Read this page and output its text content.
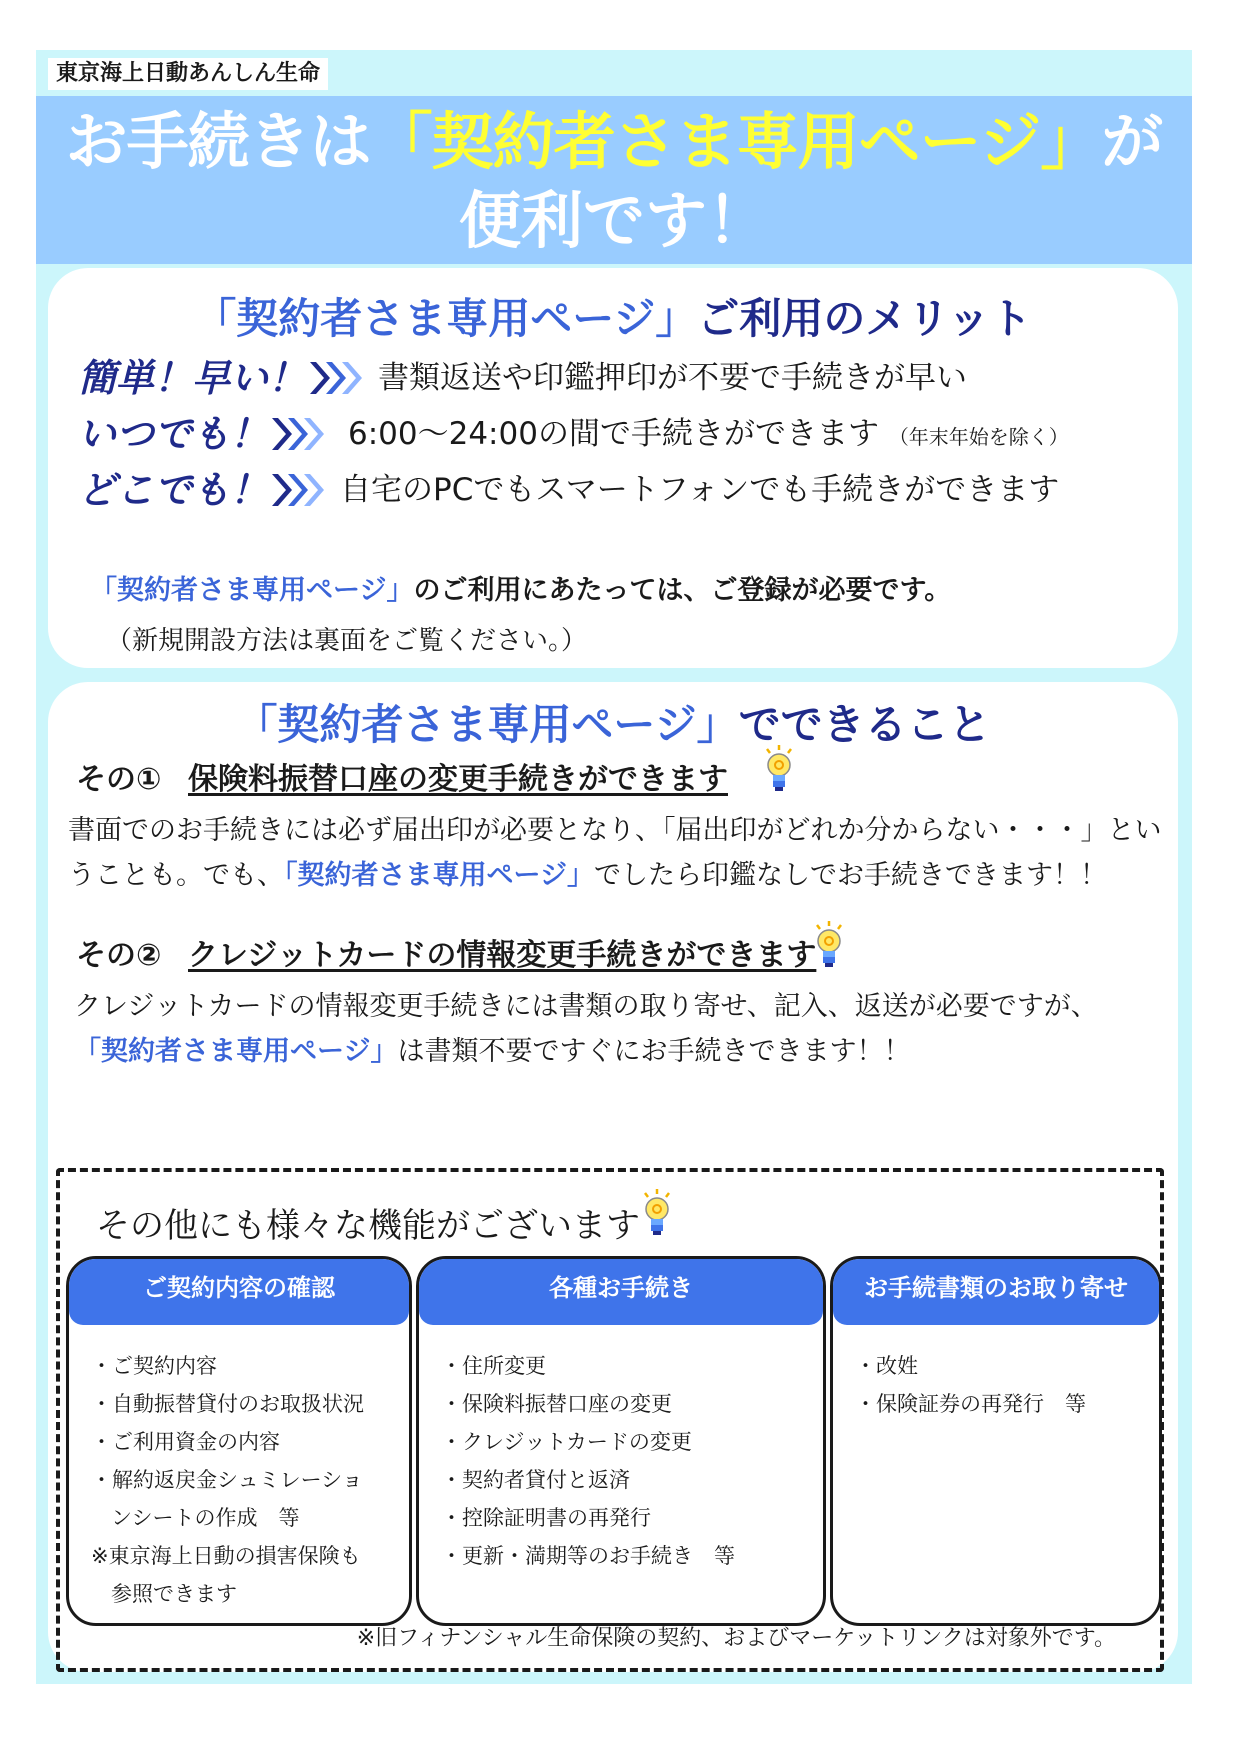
東京海上日動あんしん生命
お手続きは「契約者さま専用ページ」が
便利です！
「契約者さま専用ページ」ご利用のメリット
簡単！早い！ 書類返送や印鑑押印が不要で手続きが早い
いつでも！	6:00～24:00の間で手続きができます （年末年始を除く）
どこでも！ 自宅のPCでもスマートフォンでも手続きができます
「契約者さま専用ページ」のご利用にあたっては、ご登録が必要です。
（新規開設方法は裏面をご覧ください。）
「契約者さま専用ページ」でできること
その① 保険料振替口座の変更手続きができます
書面でのお手続きには必ず届出印が必要となり、「届出印がどれか分からない・・・」ということも。でも、「契約者さま専用ページ」でしたら印鑑なしでお手続きできます！！
その② クレジットカードの情報変更手続きができます
クレジットカードの情報変更手続きには書類の取り寄せ、記入、返送が必要ですが、
「契約者さま専用ページ」は書類不要ですぐにお手続きできます！！
その他にも様々な機能がございます
ご契約内容の確認
・ご契約内容
・自動振替貸付のお取扱状況
・ご利用資金の内容
・解約返戻金シュミレーショ
ンシートの作成　等
※東京海上日動の損害保険も
参照できます
各種お手続き
・住所変更
・保険料振替口座の変更
・クレジットカードの変更
・契約者貸付と返済
・控除証明書の再発行
・更新・満期等のお手続き　等
お手続書類のお取り寄せ
・改姓
・保険証券の再発行　等
※旧フィナンシャル生命保険の契約、およびマーケットリンクは対象外です。
